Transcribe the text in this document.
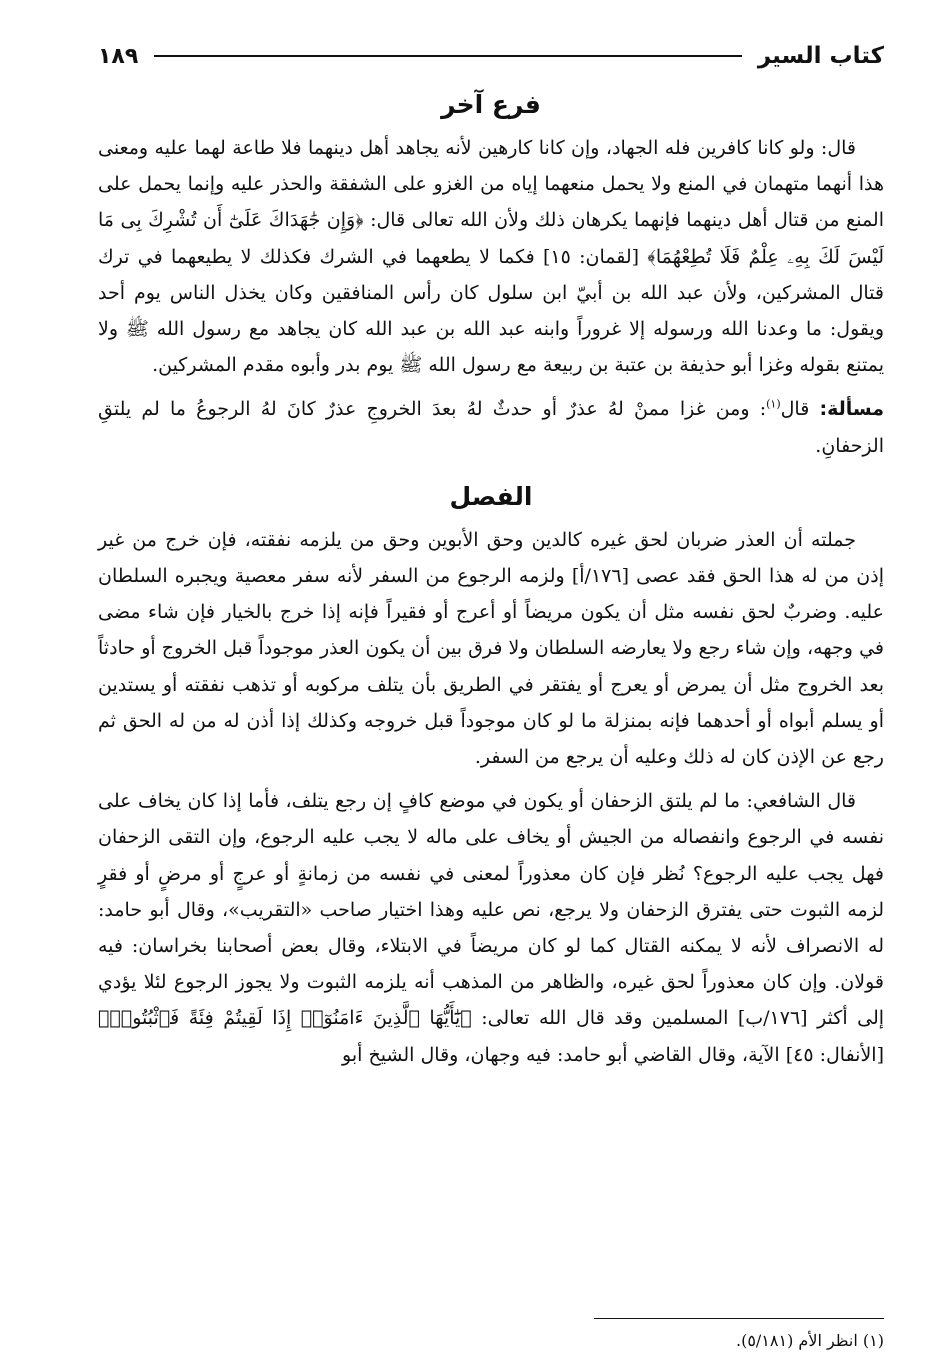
كتاب السير
١٨٩
فرع آخر

قال: ولو كانا كافرين فله الجهاد، وإن كانا كارهين لأنه يجاهد أهل دينهما فلا طاعة لهما عليه ومعنى هذا أنهما متهمان في المنع ولا يحمل منعهما إياه من الغزو على الشفقة والحذر عليه وإنما يحمل على المنع من قتال أهل دينهما فإنهما يكرهان ذلك ولأن الله تعالى قال: ﴿وَإِن جَٰهَدَاكَ عَلَىٰٓ أَن تُشْرِكَ بِى مَا لَيْسَ لَكَ بِهِۦ عِلْمٌ فَلَا تُطِعْهُمَا﴾ [لقمان: ١٥] فكما لا يطعهما في الشرك فكذلك لا يطيعهما في ترك قتال المشركين، ولأن عبد الله بن أبيّ ابن سلول كان رأس المنافقين وكان يخذل الناس يوم أحد ويقول: ما وعدنا الله ورسوله إلا غروراً وابنه عبد الله بن عبد الله كان يجاهد مع رسول الله ﷺ ولا يمتنع بقوله وغزا أبو حذيفة بن عتبة بن ربيعة مع رسول الله ﷺ يوم بدر وأبوه مقدم المشركين.

مسألة: قال$^{(١)}$: ومن غزا ممنْ لهُ عذرٌ أو حدثٌ لهُ بعدَ الخروجِ عذرٌ كانَ لهُ الرجوعُ ما لم يلتقِ الزحفانِ.

الفصل

جملته أن العذر ضربان لحق غيره كالدين وحق الأبوين وحق من يلزمه نفقته، فإن خرج من غير إذن من له هذا الحق فقد عصى [١٧٦/أ] ولزمه الرجوع من السفر لأنه سفر معصية ويجبره السلطان عليه. وضربٌ لحق نفسه مثل أن يكون مريضاً أو أعرج أو فقيراً فإنه إذا خرج بالخيار فإن شاء مضى في وجهه، وإن شاء رجع ولا يعارضه السلطان ولا فرق بين أن يكون العذر موجوداً قبل الخروج أو حادثاً بعد الخروج مثل أن يمرض أو يعرج أو يفتقر في الطريق بأن يتلف مركوبه أو تذهب نفقته أو يستدين أو يسلم أبواه أو أحدهما فإنه بمنزلة ما لو كان موجوداً قبل خروجه وكذلك إذا أذن له من له الحق ثم رجع عن الإذن كان له ذلك وعليه أن يرجع من السفر.

قال الشافعي: ما لم يلتق الزحفان أو يكون في موضع كافٍ إن رجع يتلف، فأما إذا كان يخاف على نفسه في الرجوع وانفصاله من الجيش أو يخاف على ماله لا يجب عليه الرجوع، وإن التقى الزحفان فهل يجب عليه الرجوع؟ نُظر فإن كان معذوراً لمعنى في نفسه من زمانةٍ أو عرجٍ أو مرضٍ أو فقرٍ لزمه الثبوت حتى يفترق الزحفان ولا يرجع، نص عليه وهذا اختيار صاحب «التقريب»، وقال أبو حامد: له الانصراف لأنه لا يمكنه القتال كما لو كان مريضاً في الابتلاء، وقال بعض أصحابنا بخراسان: فيه قولان. وإن كان معذوراً لحق غيره، والظاهر من المذهب أنه يلزمه الثبوت ولا يجوز الرجوع لئلا يؤدي إلى أكثر [١٧٦/ب] المسلمين وقد قال الله تعالى: ﴿يَٰٓأَيُّهَا ٱلَّذِينَ ءَامَنُوٓا۟ إِذَا لَقِيتُمْ فِئَةً فَٱثْبُتُوا۟﴾ [الأنفال: ٤٥] الآية، وقال القاضي أبو حامد: فيه وجهان، وقال الشيخ أبو

(١) انظر الأم (٥/١٨١).
